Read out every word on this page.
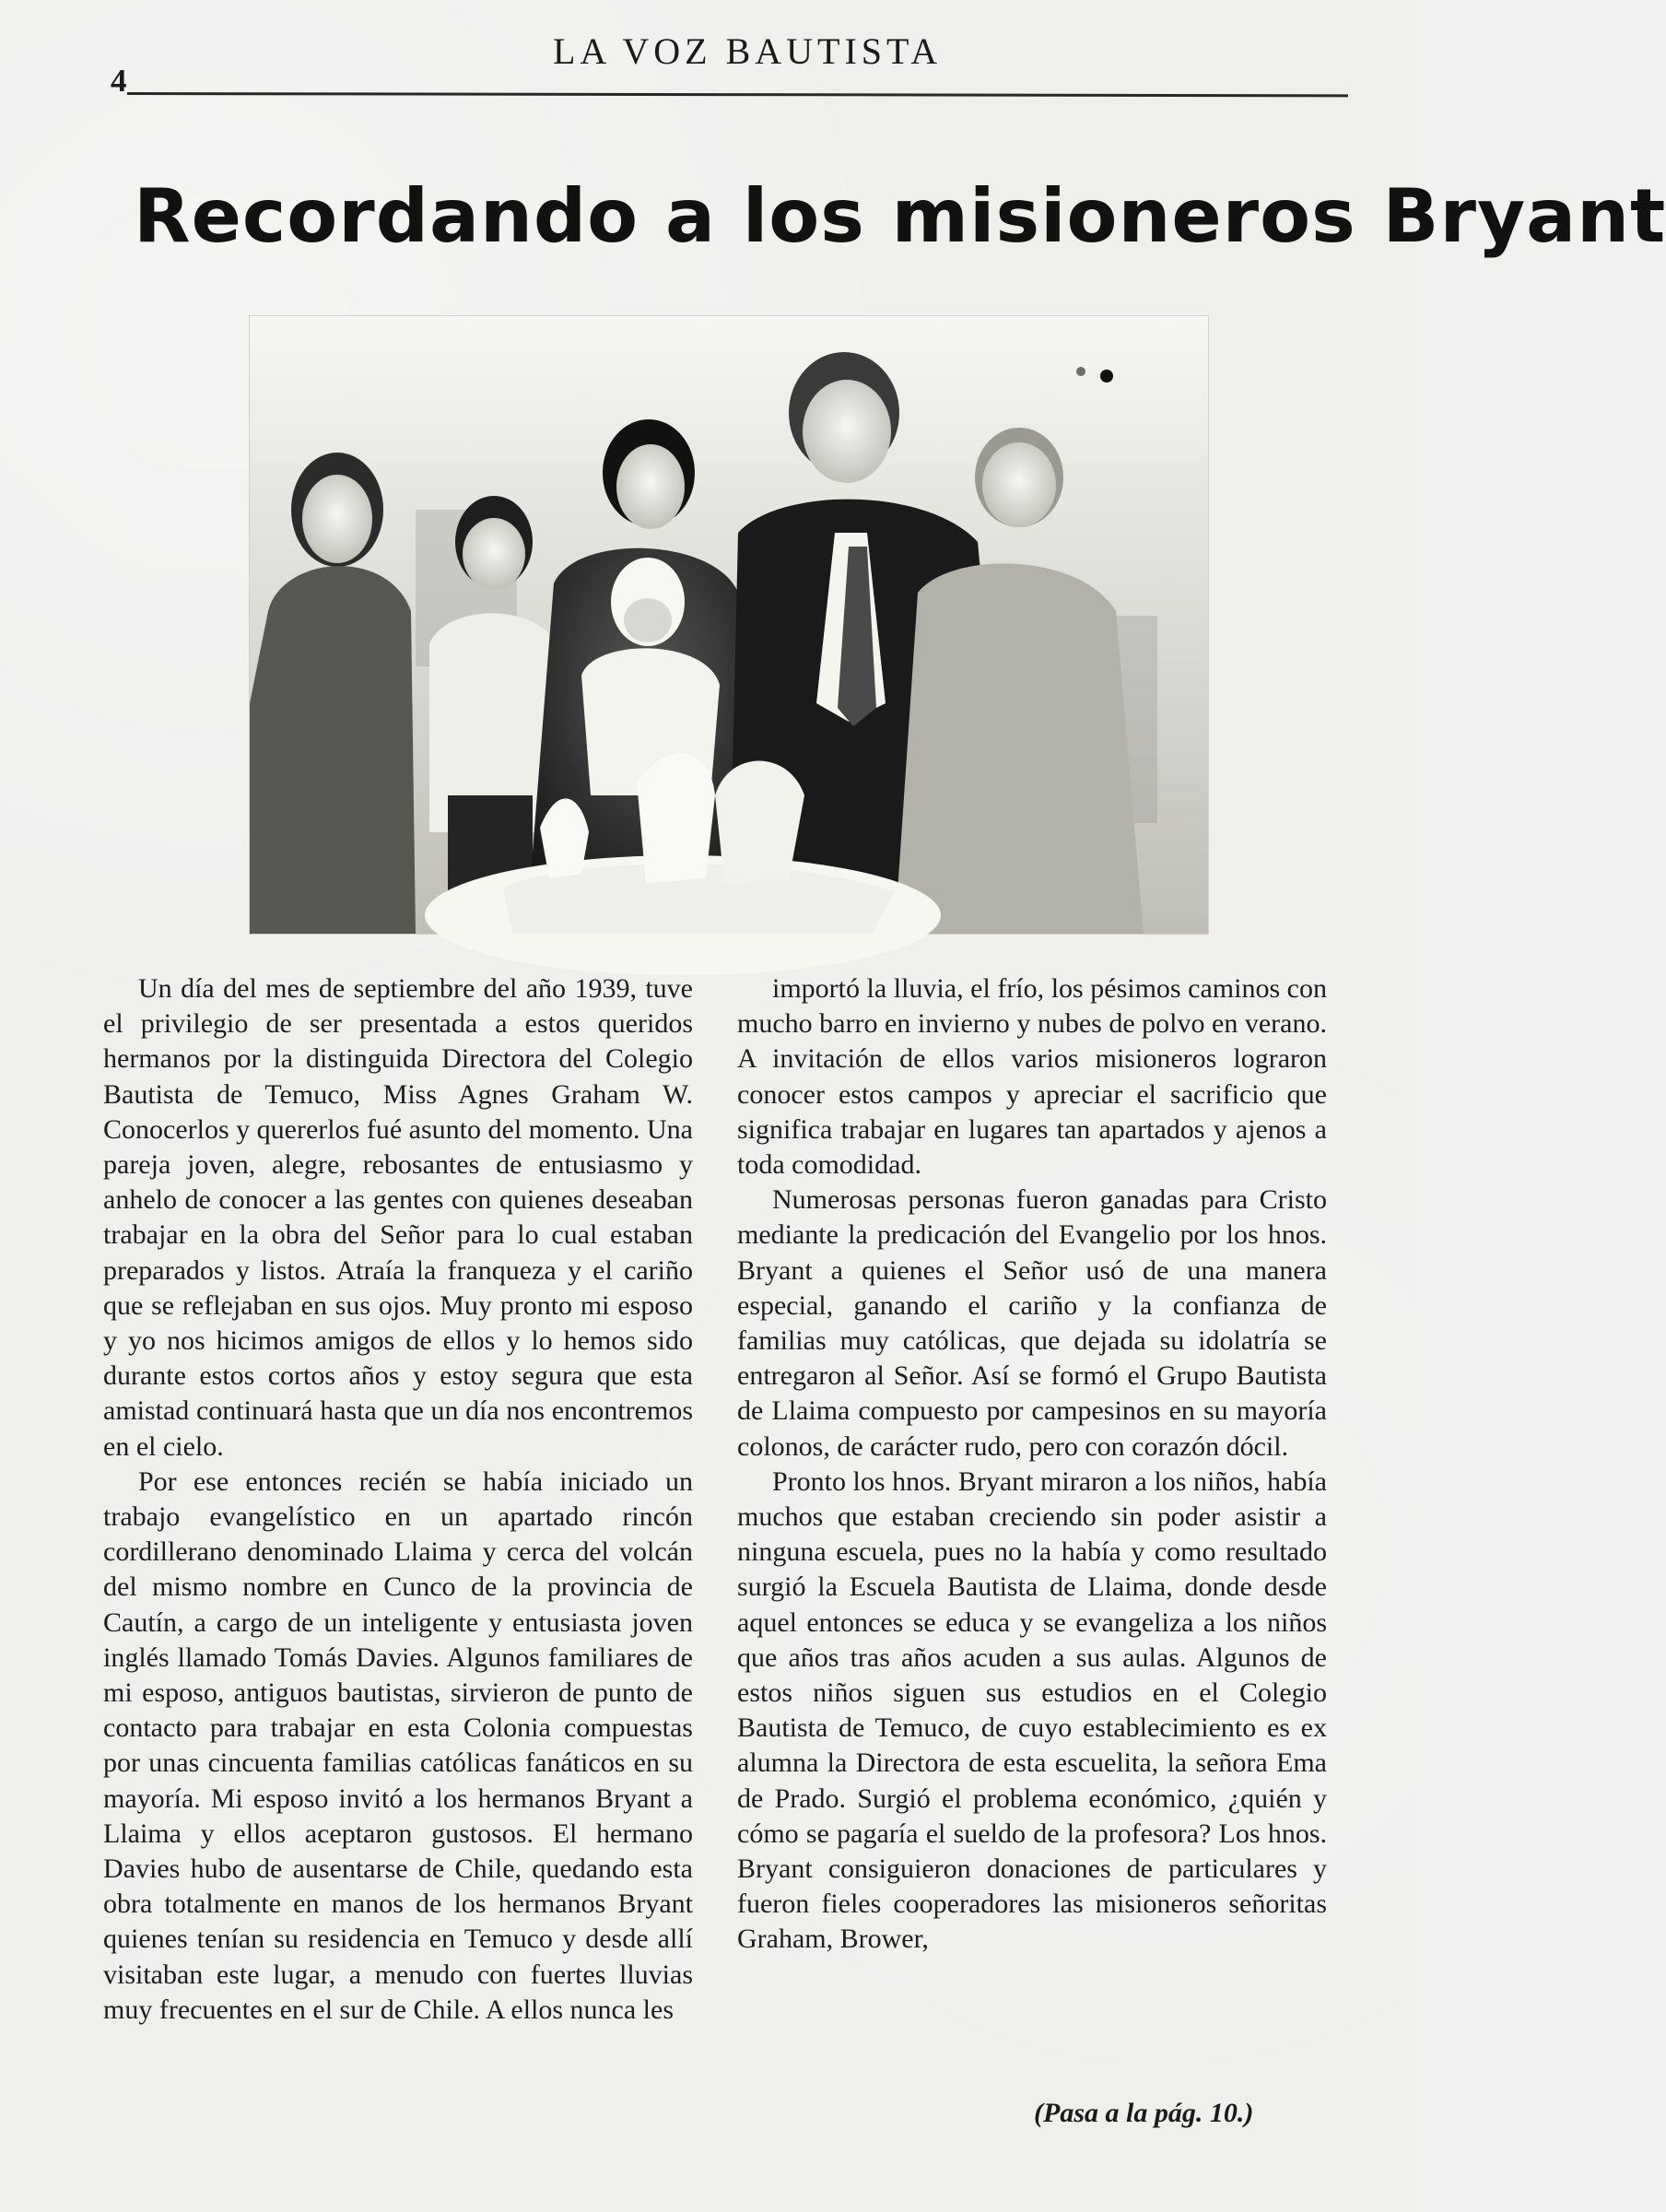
4
LA VOZ BAUTISTA
Recordando a los misioneros Bryant

Un día del mes de septiembre del año 1939, tuve el privilegio de ser presentada a estos queridos hermanos por la distinguida Directora del Colegio Bautista de Temuco, Miss Agnes Graham W. Conocerlos y quererlos fué asunto del momento. Una pareja joven, alegre, rebosantes de entusiasmo y anhelo de conocer a las gentes con quienes deseaban trabajar en la obra del Señor para lo cual estaban preparados y listos. Atraía la franqueza y el cariño que se reflejaban en sus ojos. Muy pronto mi esposo y yo nos hicimos amigos de ellos y lo hemos sido durante estos cortos años y estoy segura que esta amistad continuará hasta que un día nos encontremos en el cielo.

Por ese entonces recién se había iniciado un trabajo evangelístico en un apartado rincón cordillerano denominado Llaima y cerca del volcán del mismo nombre en Cunco de la provincia de Cautín, a cargo de un inteligente y entusiasta joven inglés llamado Tomás Davies. Algunos familiares de mi esposo, antiguos bautistas, sirvieron de punto de contacto para trabajar en esta Colonia compuestas por unas cincuenta familias católicas fanáticos en su mayoría. Mi esposo invitó a los hermanos Bryant a Llaima y ellos aceptaron gustosos. El hermano Davies hubo de ausentarse de Chile, quedando esta obra totalmente en manos de los hermanos Bryant quienes tenían su residencia en Temuco y desde allí visitaban este lugar, a menudo con fuertes lluvias muy frecuentes en el sur de Chile. A ellos nunca les

importó la lluvia, el frío, los pésimos caminos con mucho barro en invierno y nubes de polvo en verano. A invitación de ellos varios misioneros lograron conocer estos campos y apreciar el sacrificio que significa trabajar en lugares tan apartados y ajenos a toda comodidad.

Numerosas personas fueron ganadas para Cristo mediante la predicación del Evangelio por los hnos. Bryant a quienes el Señor usó de una manera especial, ganando el cariño y la confianza de familias muy católicas, que dejada su idolatría se entregaron al Señor. Así se formó el Grupo Bautista de Llaima compuesto por campesinos en su mayoría colonos, de carácter rudo, pero con corazón dócil.

Pronto los hnos. Bryant miraron a los niños, había muchos que estaban creciendo sin poder asistir a ninguna escuela, pues no la había y como resultado surgió la Escuela Bautista de Llaima, donde desde aquel entonces se educa y se evangeliza a los niños que años tras años acuden a sus aulas. Algunos de estos niños siguen sus estudios en el Colegio Bautista de Temuco, de cuyo establecimiento es ex alumna la Directora de esta escuelita, la señora Ema de Prado. Surgió el problema económico, ¿quién y cómo se pagaría el sueldo de la profesora? Los hnos. Bryant consiguieron donaciones de particulares y fueron fieles cooperadores las misioneros señoritas Graham, Brower,

(Pasa a la pág. 10.)
